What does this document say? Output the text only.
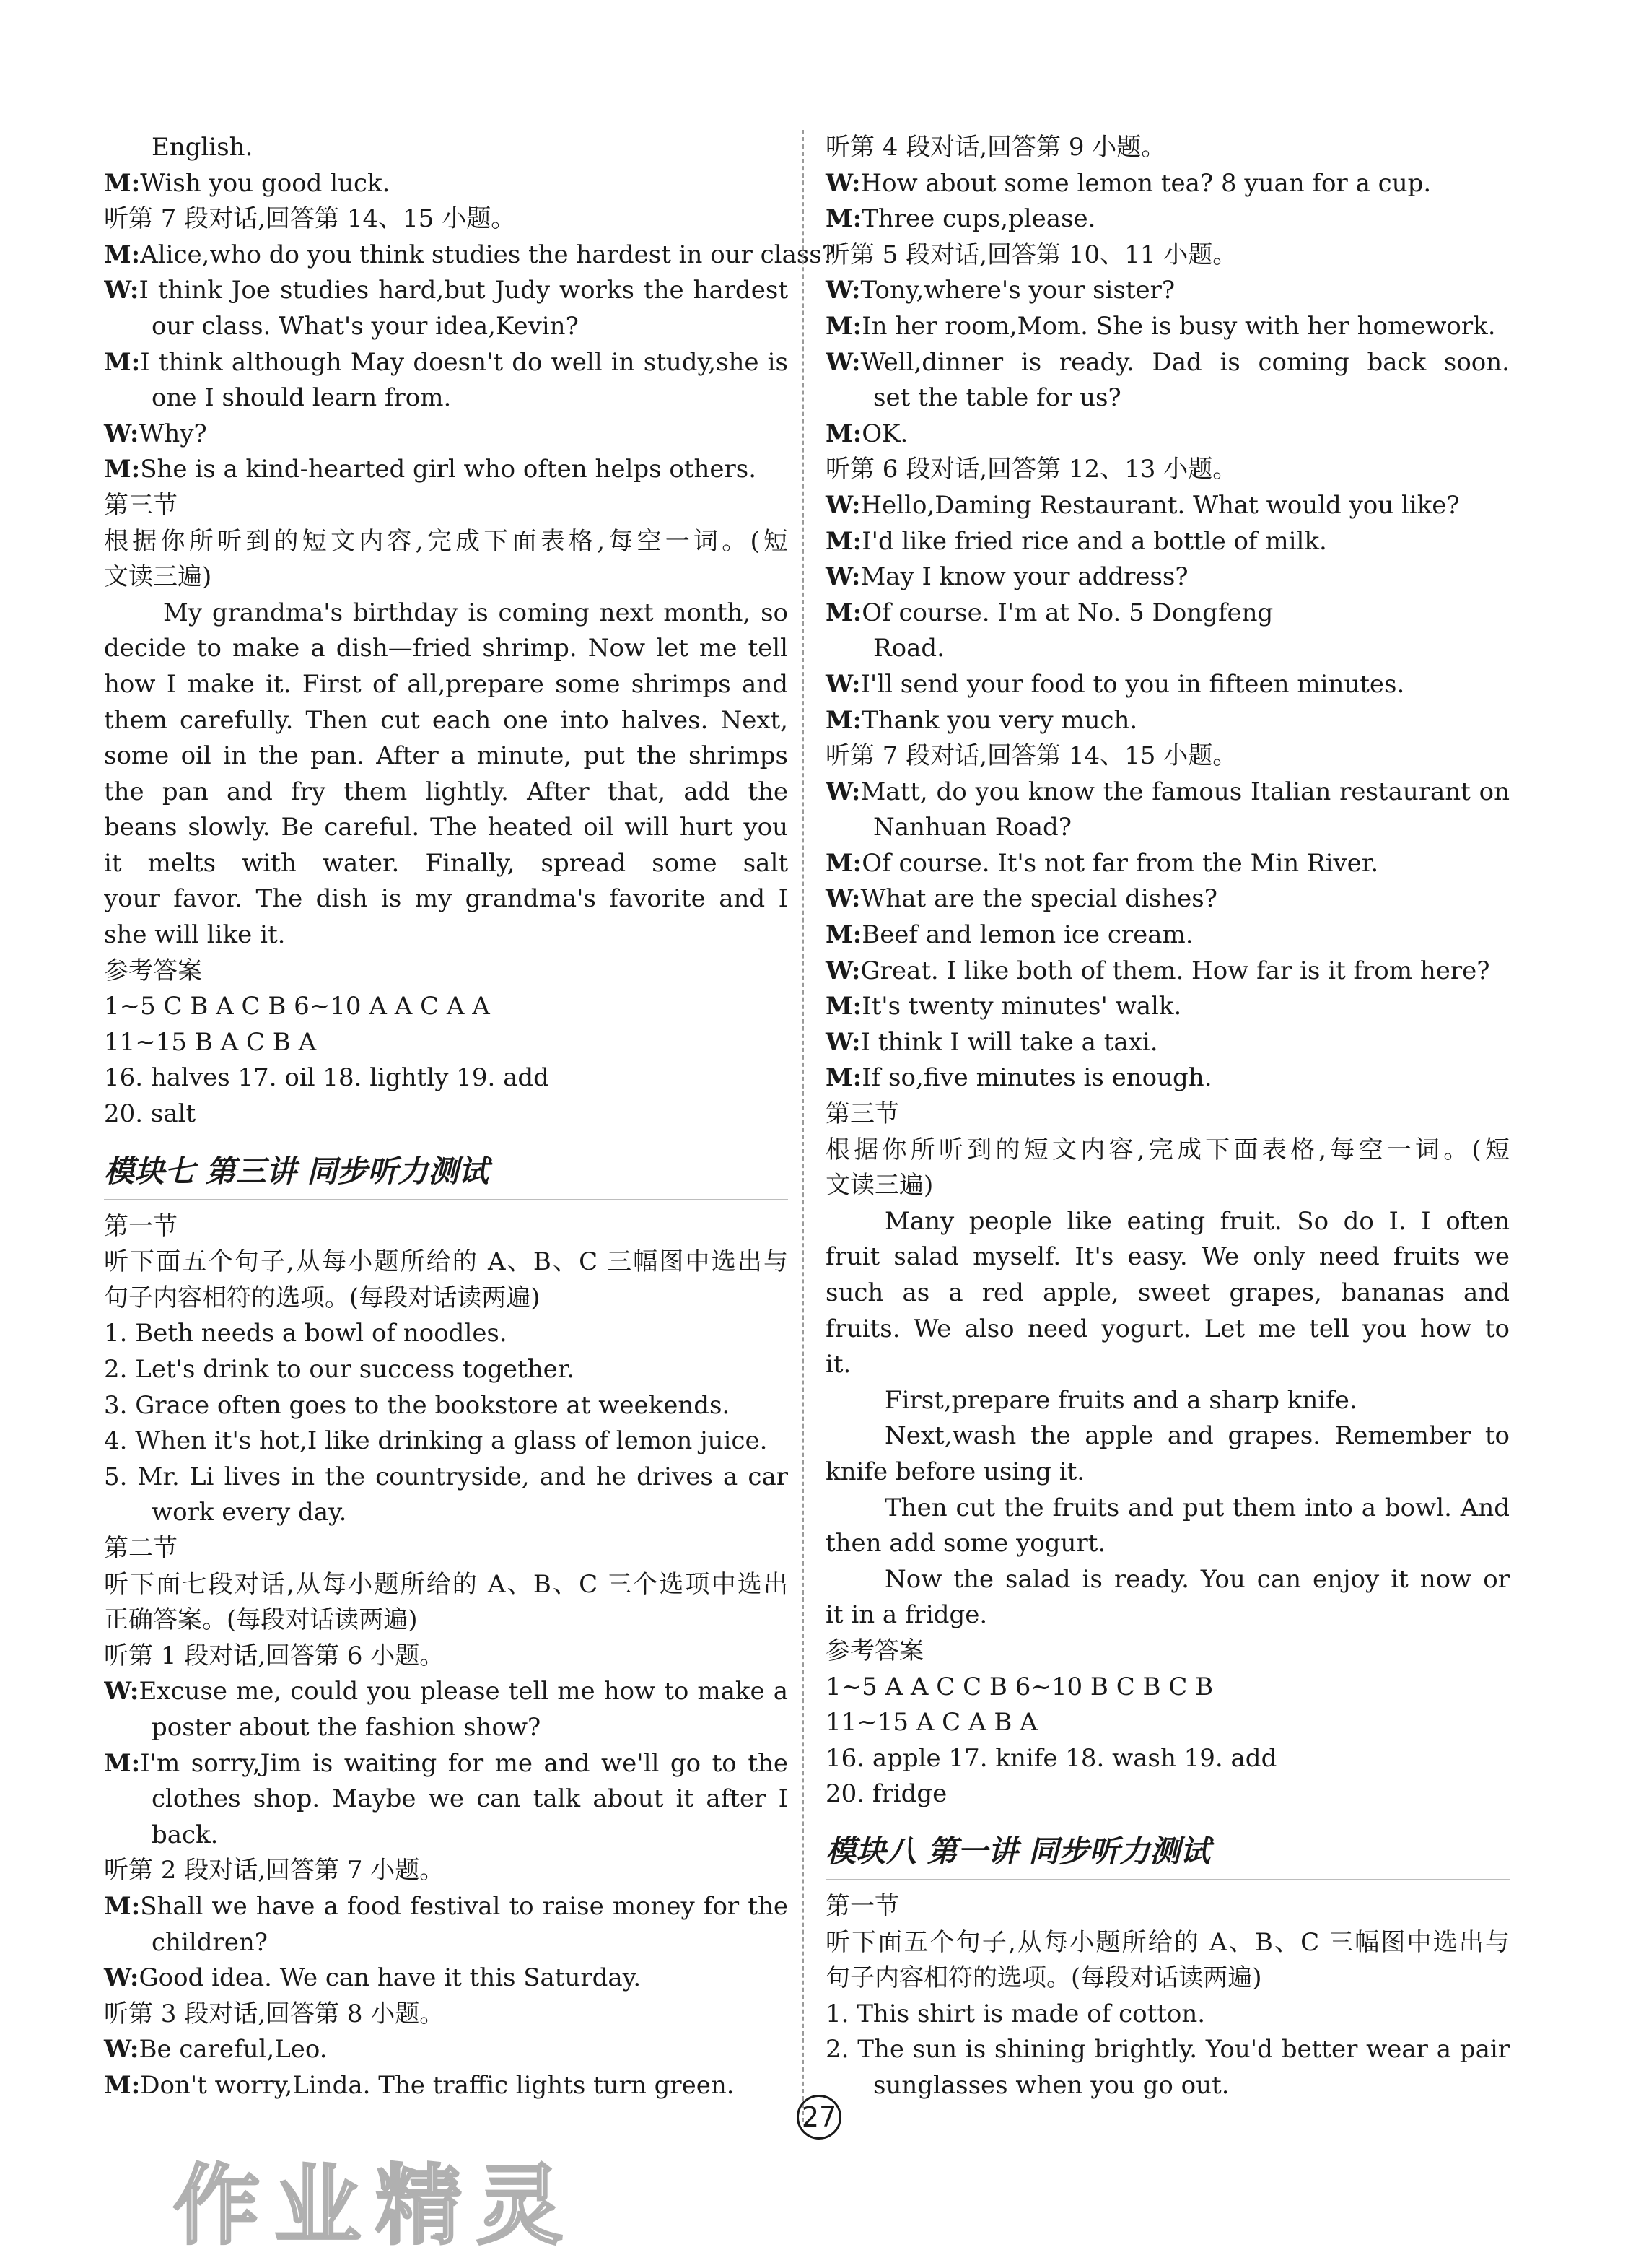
English.
M:Wish you good luck.
听第 7 段对话,回答第 14、15 小题。
M:Alice,who do you think studies the hardest in our class?
W:I think Joe studies hard,but Judy works the hardest
our class. What's your idea,Kevin?
M:I think although May doesn't do well in study,she is
one I should learn from.
W:Why?
M:She is a kind-hearted girl who often helps others.
第三节
根据你所听到的短文内容,完成下面表格,每空一词。(短
文读三遍)
My grandma's birthday is coming next month, so
decide to make a dish—fried shrimp. Now let me tell
how I make it. First of all,prepare some shrimps and
them carefully. Then cut each one into halves. Next,
some oil in the pan. After a minute, put the shrimps
the pan and fry them lightly. After that, add the
beans slowly. Be careful. The heated oil will hurt you
it melts with water. Finally, spread some salt
your favor. The dish is my grandma's favorite and I
she will like it.
参考答案
1~5 C B A C B 6~10 A A C A A
11~15 B A C B A
16. halves 17. oil 18. lightly 19. add
20. salt
模块七 第三讲 同步听力测试
第一节
听下面五个句子,从每小题所给的 A、B、C 三幅图中选出与
句子内容相符的选项。(每段对话读两遍)
1. Beth needs a bowl of noodles.
2. Let's drink to our success together.
3. Grace often goes to the bookstore at weekends.
4. When it's hot,I like drinking a glass of lemon juice.
5. Mr. Li lives in the countryside, and he drives a car
work every day.
第二节
听下面七段对话,从每小题所给的 A、B、C 三个选项中选出
正确答案。(每段对话读两遍)
听第 1 段对话,回答第 6 小题。
W:Excuse me, could you please tell me how to make a
poster about the fashion show?
M:I'm sorry,Jim is waiting for me and we'll go to the
clothes shop. Maybe we can talk about it after I
back.
听第 2 段对话,回答第 7 小题。
M:Shall we have a food festival to raise money for the
children?
W:Good idea. We can have it this Saturday.
听第 3 段对话,回答第 8 小题。
W:Be careful,Leo.
M:Don't worry,Linda. The traffic lights turn green.
听第 4 段对话,回答第 9 小题。
W:How about some lemon tea? 8 yuan for a cup.
M:Three cups,please.
听第 5 段对话,回答第 10、11 小题。
W:Tony,where's your sister?
M:In her room,Mom. She is busy with her homework.
W:Well,dinner is ready. Dad is coming back soon.
set the table for us?
M:OK.
听第 6 段对话,回答第 12、13 小题。
W:Hello,Daming Restaurant. What would you like?
M:I'd like fried rice and a bottle of milk.
W:May I know your address?
M:Of course. I'm at No. 5 Dongfeng
Road.
W:I'll send your food to you in fifteen minutes.
M:Thank you very much.
听第 7 段对话,回答第 14、15 小题。
W:Matt, do you know the famous Italian restaurant on
Nanhuan Road?
M:Of course. It's not far from the Min River.
W:What are the special dishes?
M:Beef and lemon ice cream.
W:Great. I like both of them. How far is it from here?
M:It's twenty minutes' walk.
W:I think I will take a taxi.
M:If so,five minutes is enough.
第三节
根据你所听到的短文内容,完成下面表格,每空一词。(短
文读三遍)
Many people like eating fruit. So do I. I often
fruit salad myself. It's easy. We only need fruits we
such as a red apple, sweet grapes, bananas and
fruits. We also need yogurt. Let me tell you how to
it.
First,prepare fruits and a sharp knife.
Next,wash the apple and grapes. Remember to
knife before using it.
Then cut the fruits and put them into a bowl. And
then add some yogurt.
Now the salad is ready. You can enjoy it now or
it in a fridge.
参考答案
1~5 A A C C B 6~10 B C B C B
11~15 A C A B A
16. apple 17. knife 18. wash 19. add
20. fridge
模块八 第一讲 同步听力测试
第一节
听下面五个句子,从每小题所给的 A、B、C 三幅图中选出与
句子内容相符的选项。(每段对话读两遍)
1. This shirt is made of cotton.
2. The sun is shining brightly. You'd better wear a pair
sunglasses when you go out.
27
作业精灵
